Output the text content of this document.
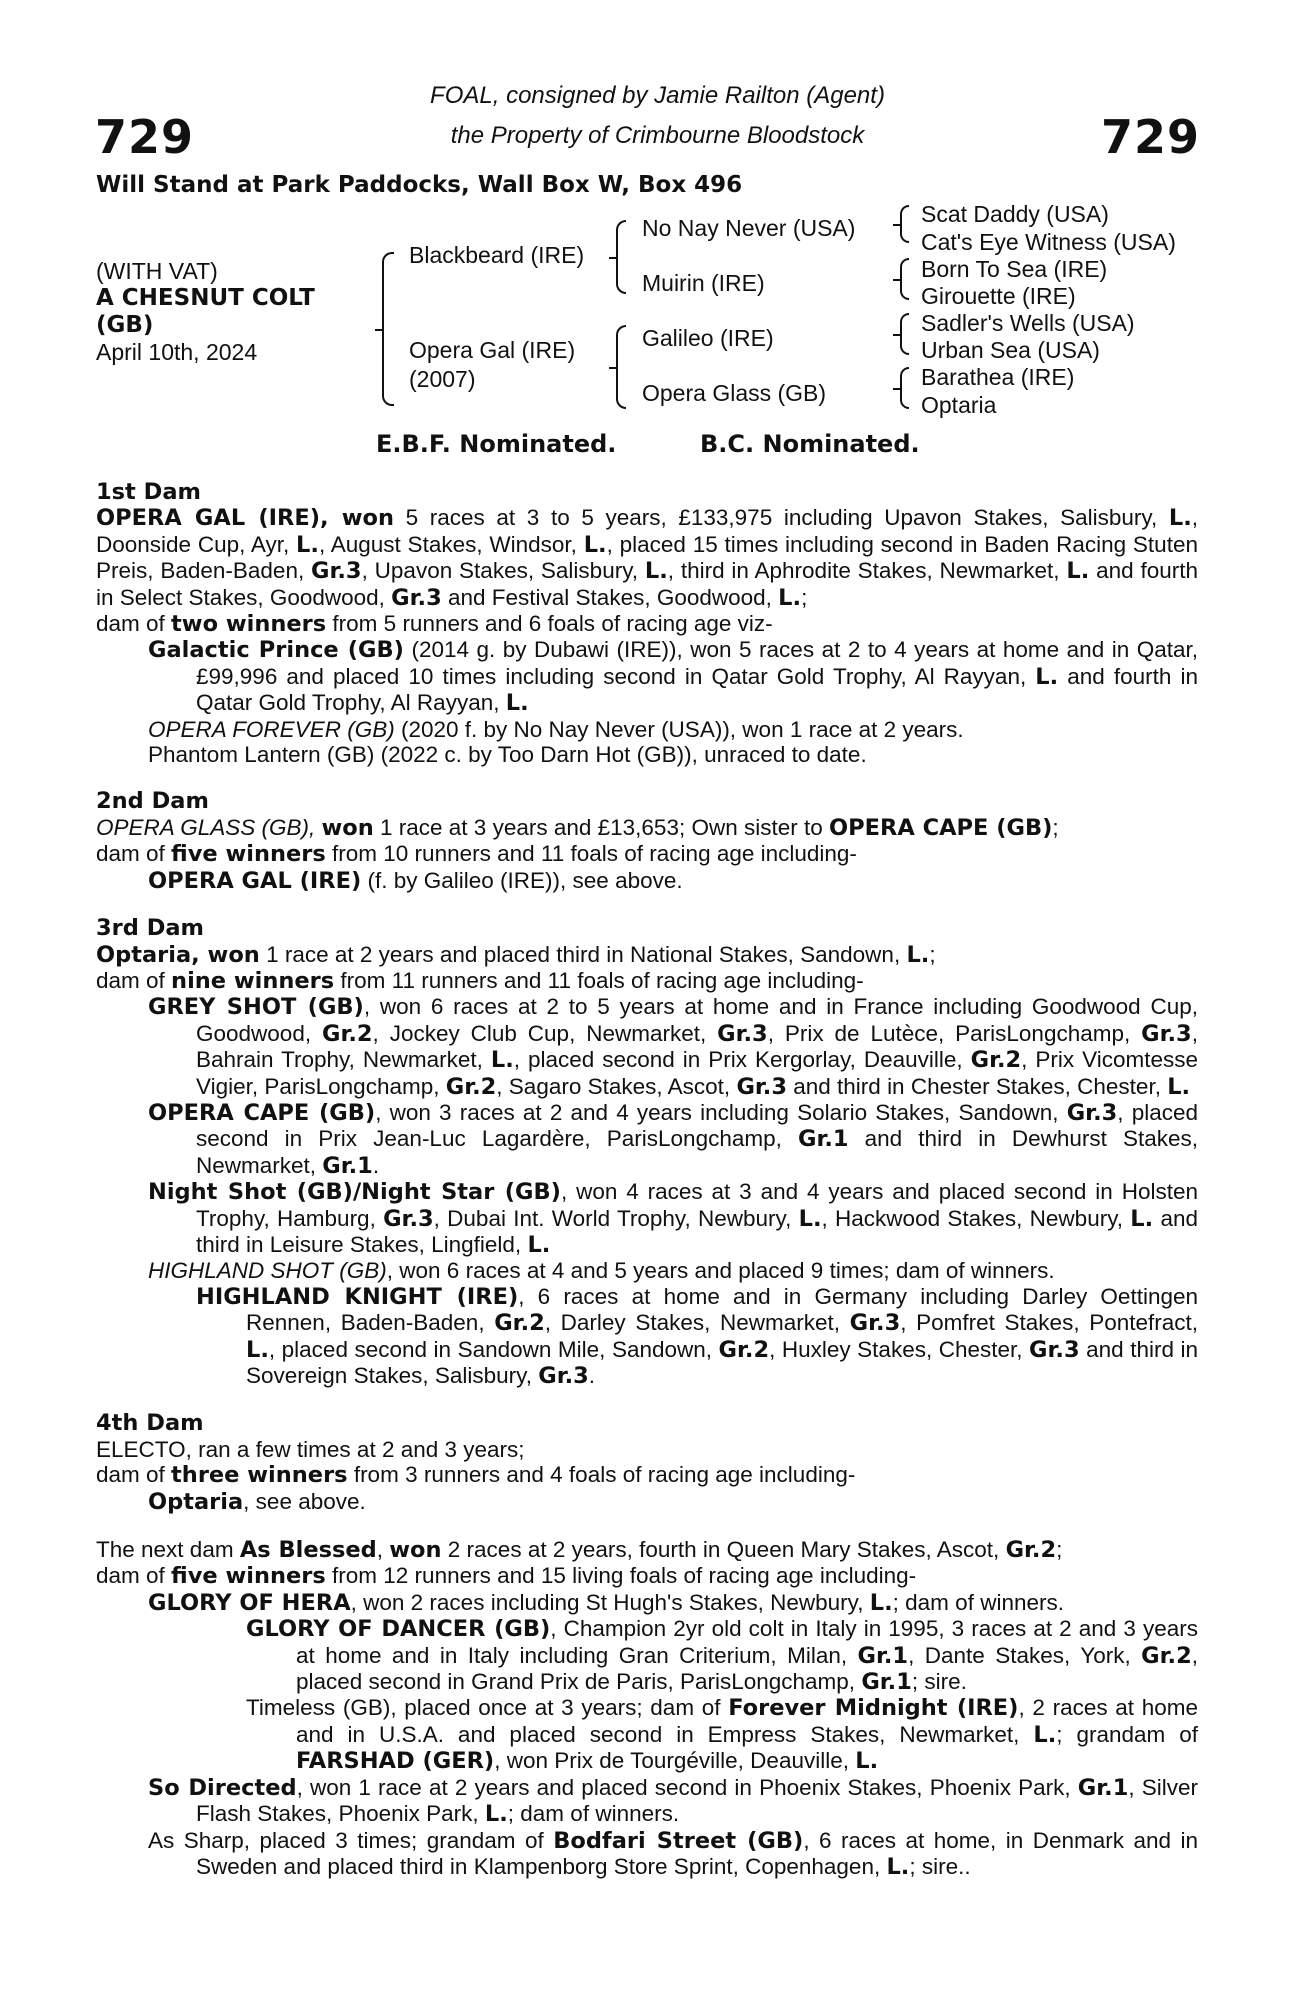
729	729
FOAL, consigned by Jamie Railton (Agent)
the Property of Crimbourne Bloodstock
Will Stand at Park Paddocks, Wall Box W, Box 496
(WITH VAT)
A CHESNUT COLT
(GB)
April 10th, 2024
Blackbeard (IRE)
Opera Gal (IRE)
(2007)
No Nay Never (USA)
Muirin (IRE)
Galileo (IRE)
Opera Glass (GB)
Scat Daddy (USA)
Cat's Eye Witness (USA)
Born To Sea (IRE)
Girouette (IRE)
Sadler's Wells (USA)
Urban Sea (USA)
Barathea (IRE)
Optaria
E.B.F. Nominated.	B.C. Nominated.
1st Dam
OPERA GAL (IRE), won 5 races at 3 to 5 years, £133,975 including Upavon Stakes, Salisbury, L., Doonside Cup, Ayr, L., August Stakes, Windsor, L., placed 15 times including second in Baden Racing Stuten Preis, Baden-Baden, Gr.3, Upavon Stakes, Salisbury, L., third in Aphrodite Stakes, Newmarket, L. and fourth in Select Stakes, Goodwood, Gr.3 and Festival Stakes, Goodwood, L.;
dam of two winners from 5 runners and 6 foals of racing age viz-
Galactic Prince (GB) (2014 g. by Dubawi (IRE)), won 5 races at 2 to 4 years at home and in Qatar, £99,996 and placed 10 times including second in Qatar Gold Trophy, Al Rayyan, L. and fourth in Qatar Gold Trophy, Al Rayyan, L.
OPERA FOREVER (GB) (2020 f. by No Nay Never (USA)), won 1 race at 2 years.
Phantom Lantern (GB) (2022 c. by Too Darn Hot (GB)), unraced to date.
2nd Dam
OPERA GLASS (GB), won 1 race at 3 years and £13,653; Own sister to OPERA CAPE (GB);
dam of five winners from 10 runners and 11 foals of racing age including-
OPERA GAL (IRE) (f. by Galileo (IRE)), see above.
3rd Dam
Optaria, won 1 race at 2 years and placed third in National Stakes, Sandown, L.;
dam of nine winners from 11 runners and 11 foals of racing age including-
GREY SHOT (GB), won 6 races at 2 to 5 years at home and in France including Goodwood Cup, Goodwood, Gr.2, Jockey Club Cup, Newmarket, Gr.3, Prix de Lutèce, ParisLongchamp, Gr.3, Bahrain Trophy, Newmarket, L., placed second in Prix Kergorlay, Deauville, Gr.2, Prix Vicomtesse Vigier, ParisLongchamp, Gr.2, Sagaro Stakes, Ascot, Gr.3 and third in Chester Stakes, Chester, L.
OPERA CAPE (GB), won 3 races at 2 and 4 years including Solario Stakes, Sandown, Gr.3, placed second in Prix Jean-Luc Lagardère, ParisLongchamp, Gr.1 and third in Dewhurst Stakes, Newmarket, Gr.1.
Night Shot (GB)/Night Star (GB), won 4 races at 3 and 4 years and placed second in Holsten Trophy, Hamburg, Gr.3, Dubai Int. World Trophy, Newbury, L., Hackwood Stakes, Newbury, L. and third in Leisure Stakes, Lingfield, L.
HIGHLAND SHOT (GB), won 6 races at 4 and 5 years and placed 9 times; dam of winners.
HIGHLAND KNIGHT (IRE), 6 races at home and in Germany including Darley Oettingen Rennen, Baden-Baden, Gr.2, Darley Stakes, Newmarket, Gr.3, Pomfret Stakes, Pontefract, L., placed second in Sandown Mile, Sandown, Gr.2, Huxley Stakes, Chester, Gr.3 and third in Sovereign Stakes, Salisbury, Gr.3.
4th Dam
ELECTO, ran a few times at 2 and 3 years;
dam of three winners from 3 runners and 4 foals of racing age including-
Optaria, see above.
The next dam As Blessed, won 2 races at 2 years, fourth in Queen Mary Stakes, Ascot, Gr.2;
dam of five winners from 12 runners and 15 living foals of racing age including-
GLORY OF HERA, won 2 races including St Hugh's Stakes, Newbury, L.; dam of winners.
GLORY OF DANCER (GB), Champion 2yr old colt in Italy in 1995, 3 races at 2 and 3 years at home and in Italy including Gran Criterium, Milan, Gr.1, Dante Stakes, York, Gr.2, placed second in Grand Prix de Paris, ParisLongchamp, Gr.1; sire.
Timeless (GB), placed once at 3 years; dam of Forever Midnight (IRE), 2 races at home and in U.S.A. and placed second in Empress Stakes, Newmarket, L.; grandam of FARSHAD (GER), won Prix de Tourgéville, Deauville, L.
So Directed, won 1 race at 2 years and placed second in Phoenix Stakes, Phoenix Park, Gr.1, Silver Flash Stakes, Phoenix Park, L.; dam of winners.
As Sharp, placed 3 times; grandam of Bodfari Street (GB), 6 races at home, in Denmark and in Sweden and placed third in Klampenborg Store Sprint, Copenhagen, L.; sire..
